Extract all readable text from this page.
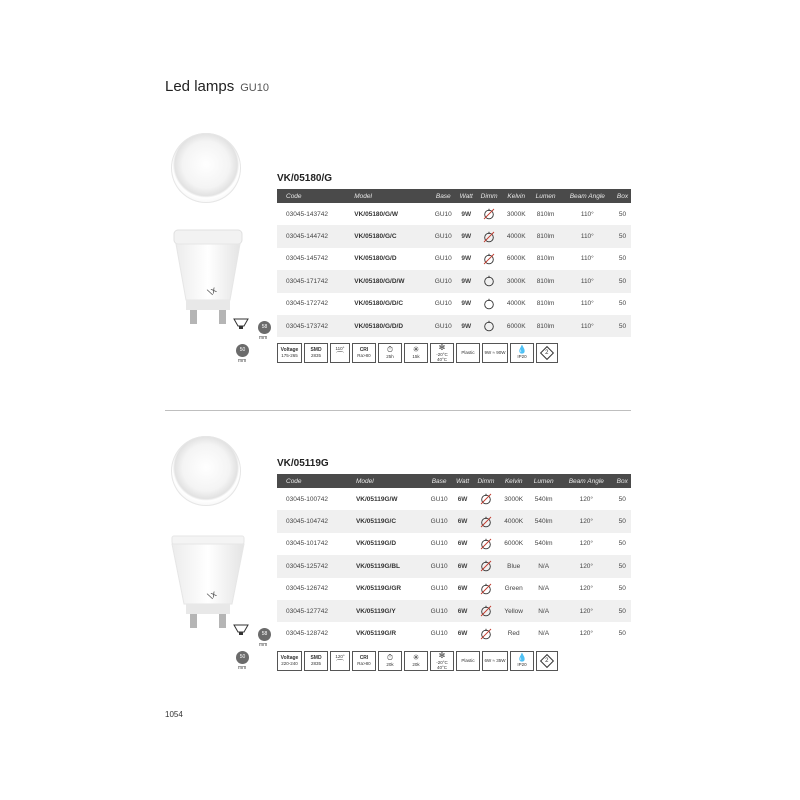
Led lamps GU10
\x
58
mm
50
mm
VK/05180/G
Code	Model	Base	Watt	Dimm	Kelvin	Lumen	Beam Angle	Box
03045-143742	VK/05180/G/W	GU10	9W		3000K	810lm	110°	50
03045-144742	VK/05180/G/C	GU10	9W		4000K	810lm	110°	50
03045-145742	VK/05180/G/D	GU10	9W		6000K	810lm	110°	50
03045-171742	VK/05180/G/D/W	GU10	9W		3000K	810lm	110°	50
03045-172742	VK/05180/G/D/C	GU10	9W		4000K	810lm	110°	50
03045-173742	VK/05180/G/D/D	GU10	9W		6000K	810lm	110°	50
Voltage
175-265
SMD
2835
110°
⌒
CRI
Ra>80
⏱
25h
✳
15k
✻
-20°C 40°C
Plastic 9W ≈ 90W 💧
IP20
2
\x
58
mm
50
mm
VK/05119G
Code	Model	Base	Watt	Dimm	Kelvin	Lumen	Beam Angle	Box
03045-100742	VK/05119G/W	GU10	6W		3000K	540lm	120°	50
03045-104742	VK/05119G/C	GU10	6W		4000K	540lm	120°	50
03045-101742	VK/05119G/D	GU10	6W		6000K	540lm	120°	50
03045-125742	VK/05119G/BL	GU10	6W		Blue	N/A	120°	50
03045-126742	VK/05119G/GR	GU10	6W		Green	N/A	120°	50
03045-127742	VK/05119G/Y	GU10	6W		Yellow	N/A	120°	50
03045-128742	VK/05119G/R	GU10	6W		Red	N/A	120°	50
Voltage
220-240
SMD
2835
120°
⌒
CRI
Ra>80
⏱
20k
✳
20k
✻
-20°C 40°C
Plastic 6W ≈ 35W 💧
IP20
2
1054
